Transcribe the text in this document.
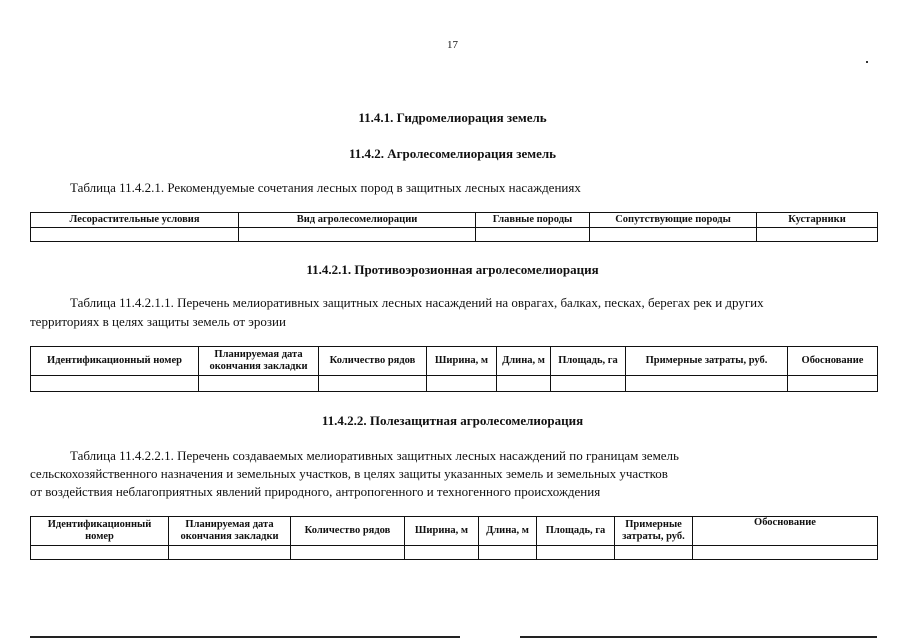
17
11.4.1. Гидромелиорация земель
11.4.2. Агролесомелиорация земель
Таблица 11.4.2.1. Рекомендуемые сочетания лесных пород в защитных лесных насаждениях
Лесорастительные условия	Вид агролесомелиорации	Главные породы	Сопутствующие породы	Кустарники

11.4.2.1. Противоэрозионная агролесомелиорация
Таблица 11.4.2.1.1. Перечень мелиоративных защитных лесных насаждений на оврагах, балках, песках, берегах рек и других
территориях в целях защиты земель от эрозии
Идентификационный номер	Планируемая дата окончания закладки	Количество рядов	Ширина, м	Длина, м	Площадь, га	Примерные затраты, руб.	Обоснование

11.4.2.2. Полезащитная агролесомелиорация
Таблица 11.4.2.2.1. Перечень создаваемых мелиоративных защитных лесных насаждений по границам земель
сельскохозяйственного назначения и земельных участков, в целях защиты указанных земель и земельных участков
от воздействия неблагоприятных явлений природного, антропогенного и техногенного происхождения
Идентификационный номер	Планируемая дата окончания закладки	Количество рядов	Ширина, м	Длина, м	Площадь, га	Примерные затраты, руб.	Обоснование
